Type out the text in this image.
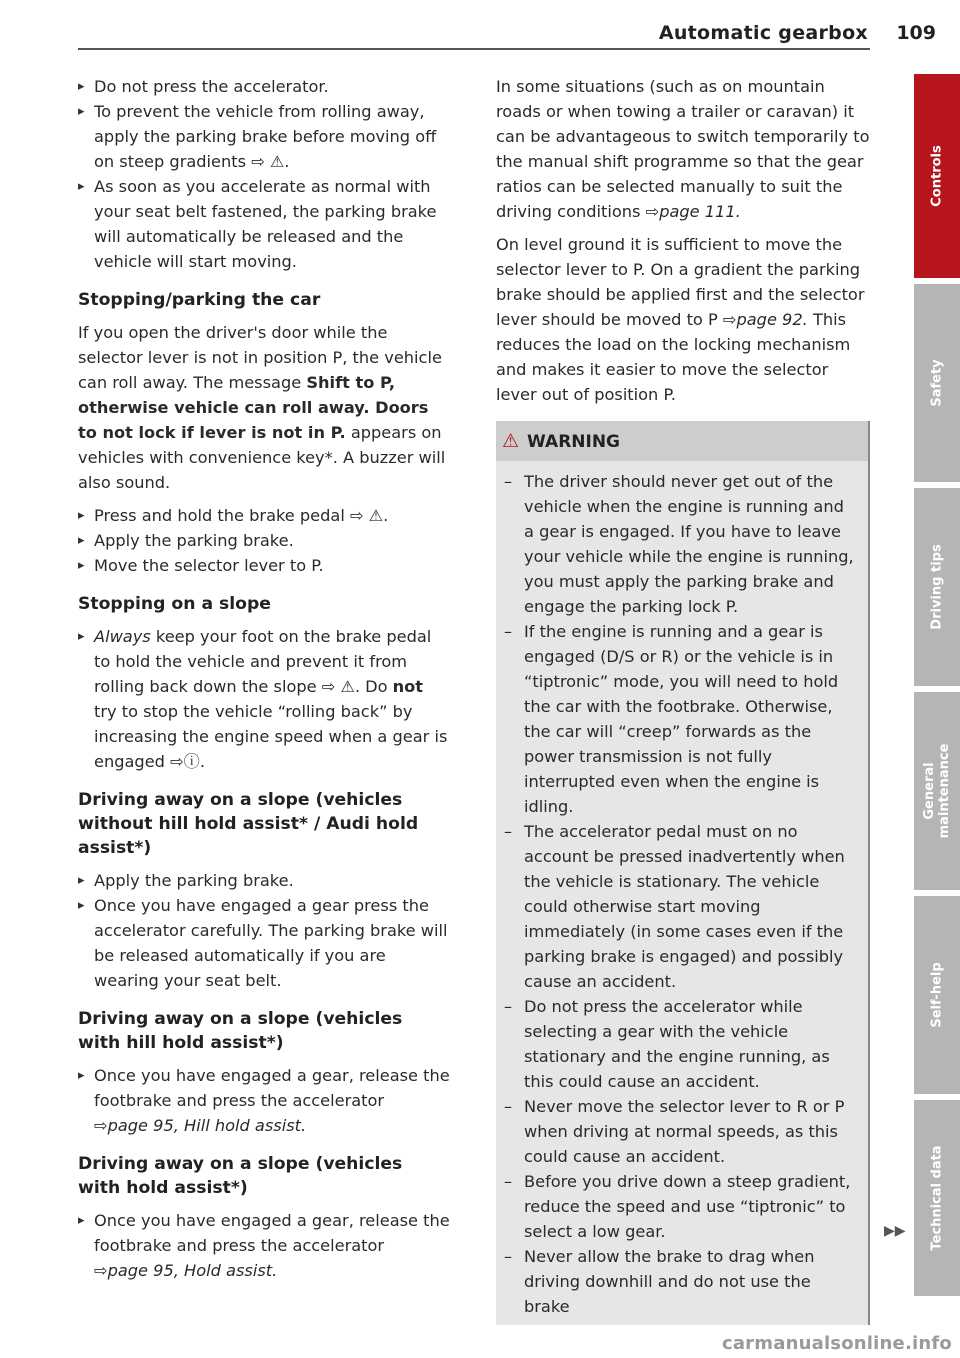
Automatic gearbox 109

▸ Do not press the accelerator.

▸ To prevent the vehicle from rolling away, apply the parking brake before moving off on steep gradients ⇨ ⚠.

▸ As soon as you accelerate as normal with your seat belt fastened, the parking brake will automatically be released and the vehicle will start moving.

Stopping/parking the car

If you open the driver's door while the selector lever is not in position P, the vehicle can roll away. The message Shift to P, otherwise vehicle can roll away. Doors to not lock if lever is not in P. appears on vehicles with convenience key*. A buzzer will also sound.

▸ Press and hold the brake pedal ⇨ ⚠.

▸ Apply the parking brake.

▸ Move the selector lever to P.

Stopping on a slope

▸ Always keep your foot on the brake pedal to hold the vehicle and prevent it from rolling back down the slope ⇨ ⚠. Do not try to stop the vehicle “rolling back” by increasing the engine speed when a gear is engaged ⇨ⓘ.

Driving away on a slope (vehicles without hill hold assist* / Audi hold assist*)

▸ Apply the parking brake.

▸ Once you have engaged a gear press the accelerator carefully. The parking brake will be released automatically if you are wearing your seat belt.

Driving away on a slope (vehicles with hill hold assist*)

▸ Once you have engaged a gear, release the footbrake and press the accelerator
⇨page 95, Hill hold assist.

Driving away on a slope (vehicles with hold assist*)

▸ Once you have engaged a gear, release the footbrake and press the accelerator
⇨page 95, Hold assist.

In some situations (such as on mountain roads or when towing a trailer or caravan) it can be advantageous to switch temporarily to the manual shift programme so that the gear ratios can be selected manually to suit the driving conditions ⇨page 111.

On level ground it is sufficient to move the selector lever to P. On a gradient the parking brake should be applied first and the selector lever should be moved to P ⇨page 92. This reduces the load on the locking mechanism and makes it easier to move the selector lever out of position P.

⚠ WARNING

– The driver should never get out of the vehicle when the engine is running and a gear is engaged. If you have to leave your vehicle while the engine is running, you must apply the parking brake and engage the parking lock P.

– If the engine is running and a gear is engaged (D/S or R) or the vehicle is in “tiptronic” mode, you will need to hold the car with the footbrake. Otherwise, the car will “creep” forwards as the power transmission is not fully interrupted even when the engine is idling.

– The accelerator pedal must on no account be pressed inadvertently when the vehicle is stationary. The vehicle could otherwise start moving immediately (in some cases even if the parking brake is engaged) and possibly cause an accident.

– Do not press the accelerator while selecting a gear with the vehicle stationary and the engine running, as this could cause an accident.

– Never move the selector lever to R or P when driving at normal speeds, as this could cause an accident.

– Before you drive down a steep gradient, reduce the speed and use “tiptronic” to select a low gear.

– Never allow the brake to drag when driving downhill and do not use the brake

▶▶
Controls
Safety
Driving tips
General maintenance
Self-help
Technical data
carmanualsonline.info
